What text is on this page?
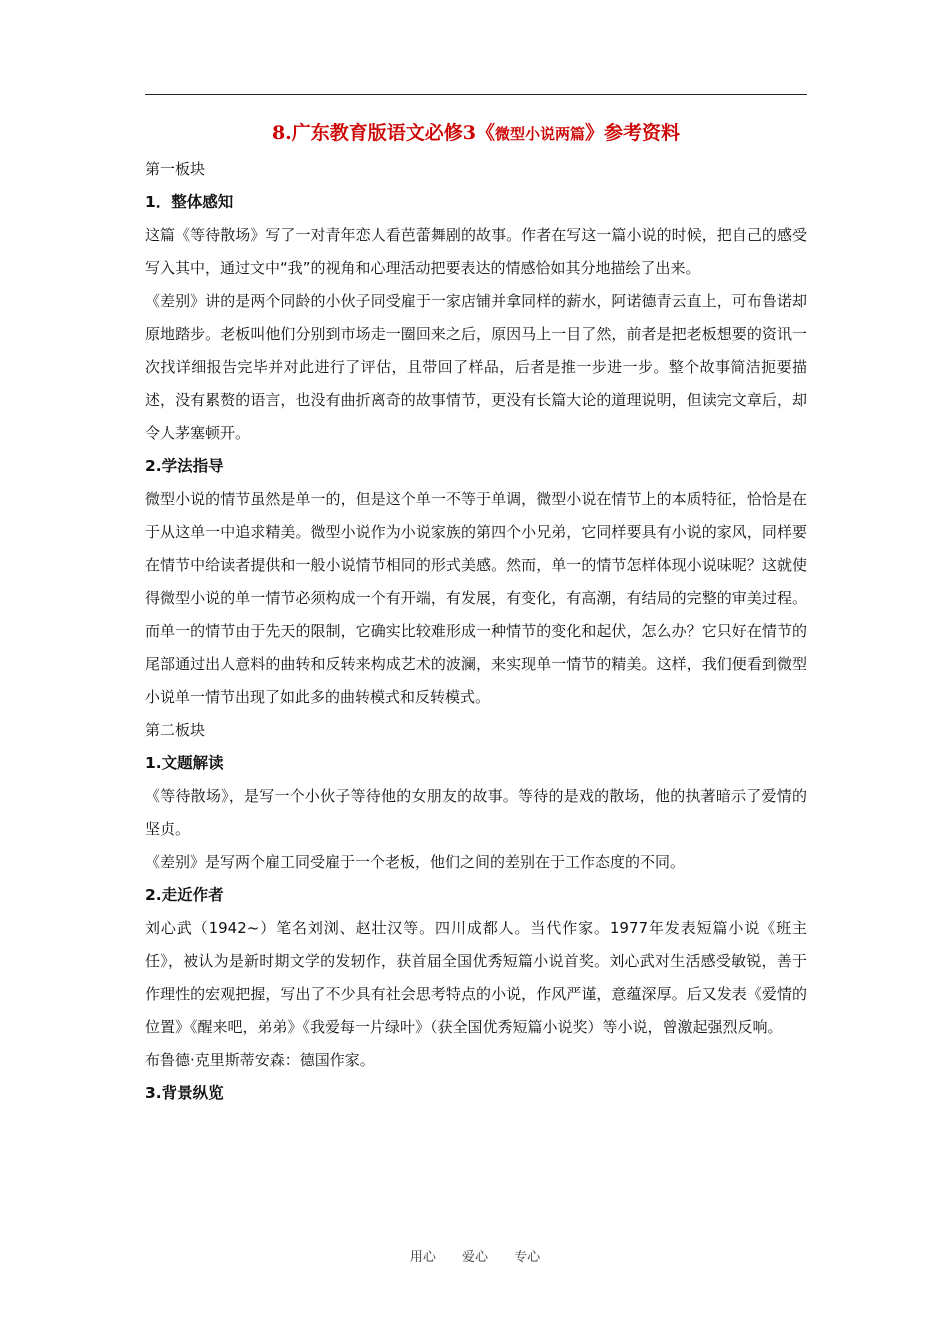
8.广东教育版语文必修3《微型小说两篇》参考资料

第一板块

1．整体感知

这篇《等待散场》写了一对青年恋人看芭蕾舞剧的故事。作者在写这一篇小说的时候，把自己的感受写入其中，通过文中“我”的视角和心理活动把要表达的情感恰如其分地描绘了出来。

《差别》讲的是两个同龄的小伙子同受雇于一家店铺并拿同样的薪水，阿诺德青云直上，可布鲁诺却原地踏步。老板叫他们分别到市场走一圈回来之后，原因马上一目了然，前者是把老板想要的资讯一次找详细报告完毕并对此进行了评估，且带回了样品，后者是推一步进一步。整个故事简洁扼要描述，没有累赘的语言，也没有曲折离奇的故事情节，更没有长篇大论的道理说明，但读完文章后，却令人茅塞顿开。

2.学法指导

微型小说的情节虽然是单一的，但是这个单一不等于单调，微型小说在情节上的本质特征，恰恰是在于从这单一中追求精美。微型小说作为小说家族的第四个小兄弟，它同样要具有小说的家风，同样要在情节中给读者提供和一般小说情节相同的形式美感。然而，单一的情节怎样体现小说味呢？这就使得微型小说的单一情节必须构成一个有开端，有发展，有变化，有高潮，有结局的完整的审美过程。而单一的情节由于先天的限制，它确实比较难形成一种情节的变化和起伏，怎么办？它只好在情节的尾部通过出人意料的曲转和反转来构成艺术的波澜，来实现单一情节的精美。这样，我们便看到微型小说单一情节出现了如此多的曲转模式和反转模式。

第二板块

1.文题解读

《等待散场》，是写一个小伙子等待他的女朋友的故事。等待的是戏的散场，他的执著暗示了爱情的坚贞。

《差别》是写两个雇工同受雇于一个老板，他们之间的差别在于工作态度的不同。

2.走近作者

刘心武（1942~）笔名刘浏、赵壮汉等。四川成都人。当代作家。1977年发表短篇小说《班主任》，被认为是新时期文学的发轫作，获首届全国优秀短篇小说首奖。刘心武对生活感受敏锐，善于作理性的宏观把握，写出了不少具有社会思考特点的小说，作风严谨，意蕴深厚。后又发表《爱情的位置》《醒来吧，弟弟》《我爱每一片绿叶》（获全国优秀短篇小说奖）等小说，曾激起强烈反响。

布鲁德·克里斯蒂安森：德国作家。

3.背景纵览

用心 爱心 专心
